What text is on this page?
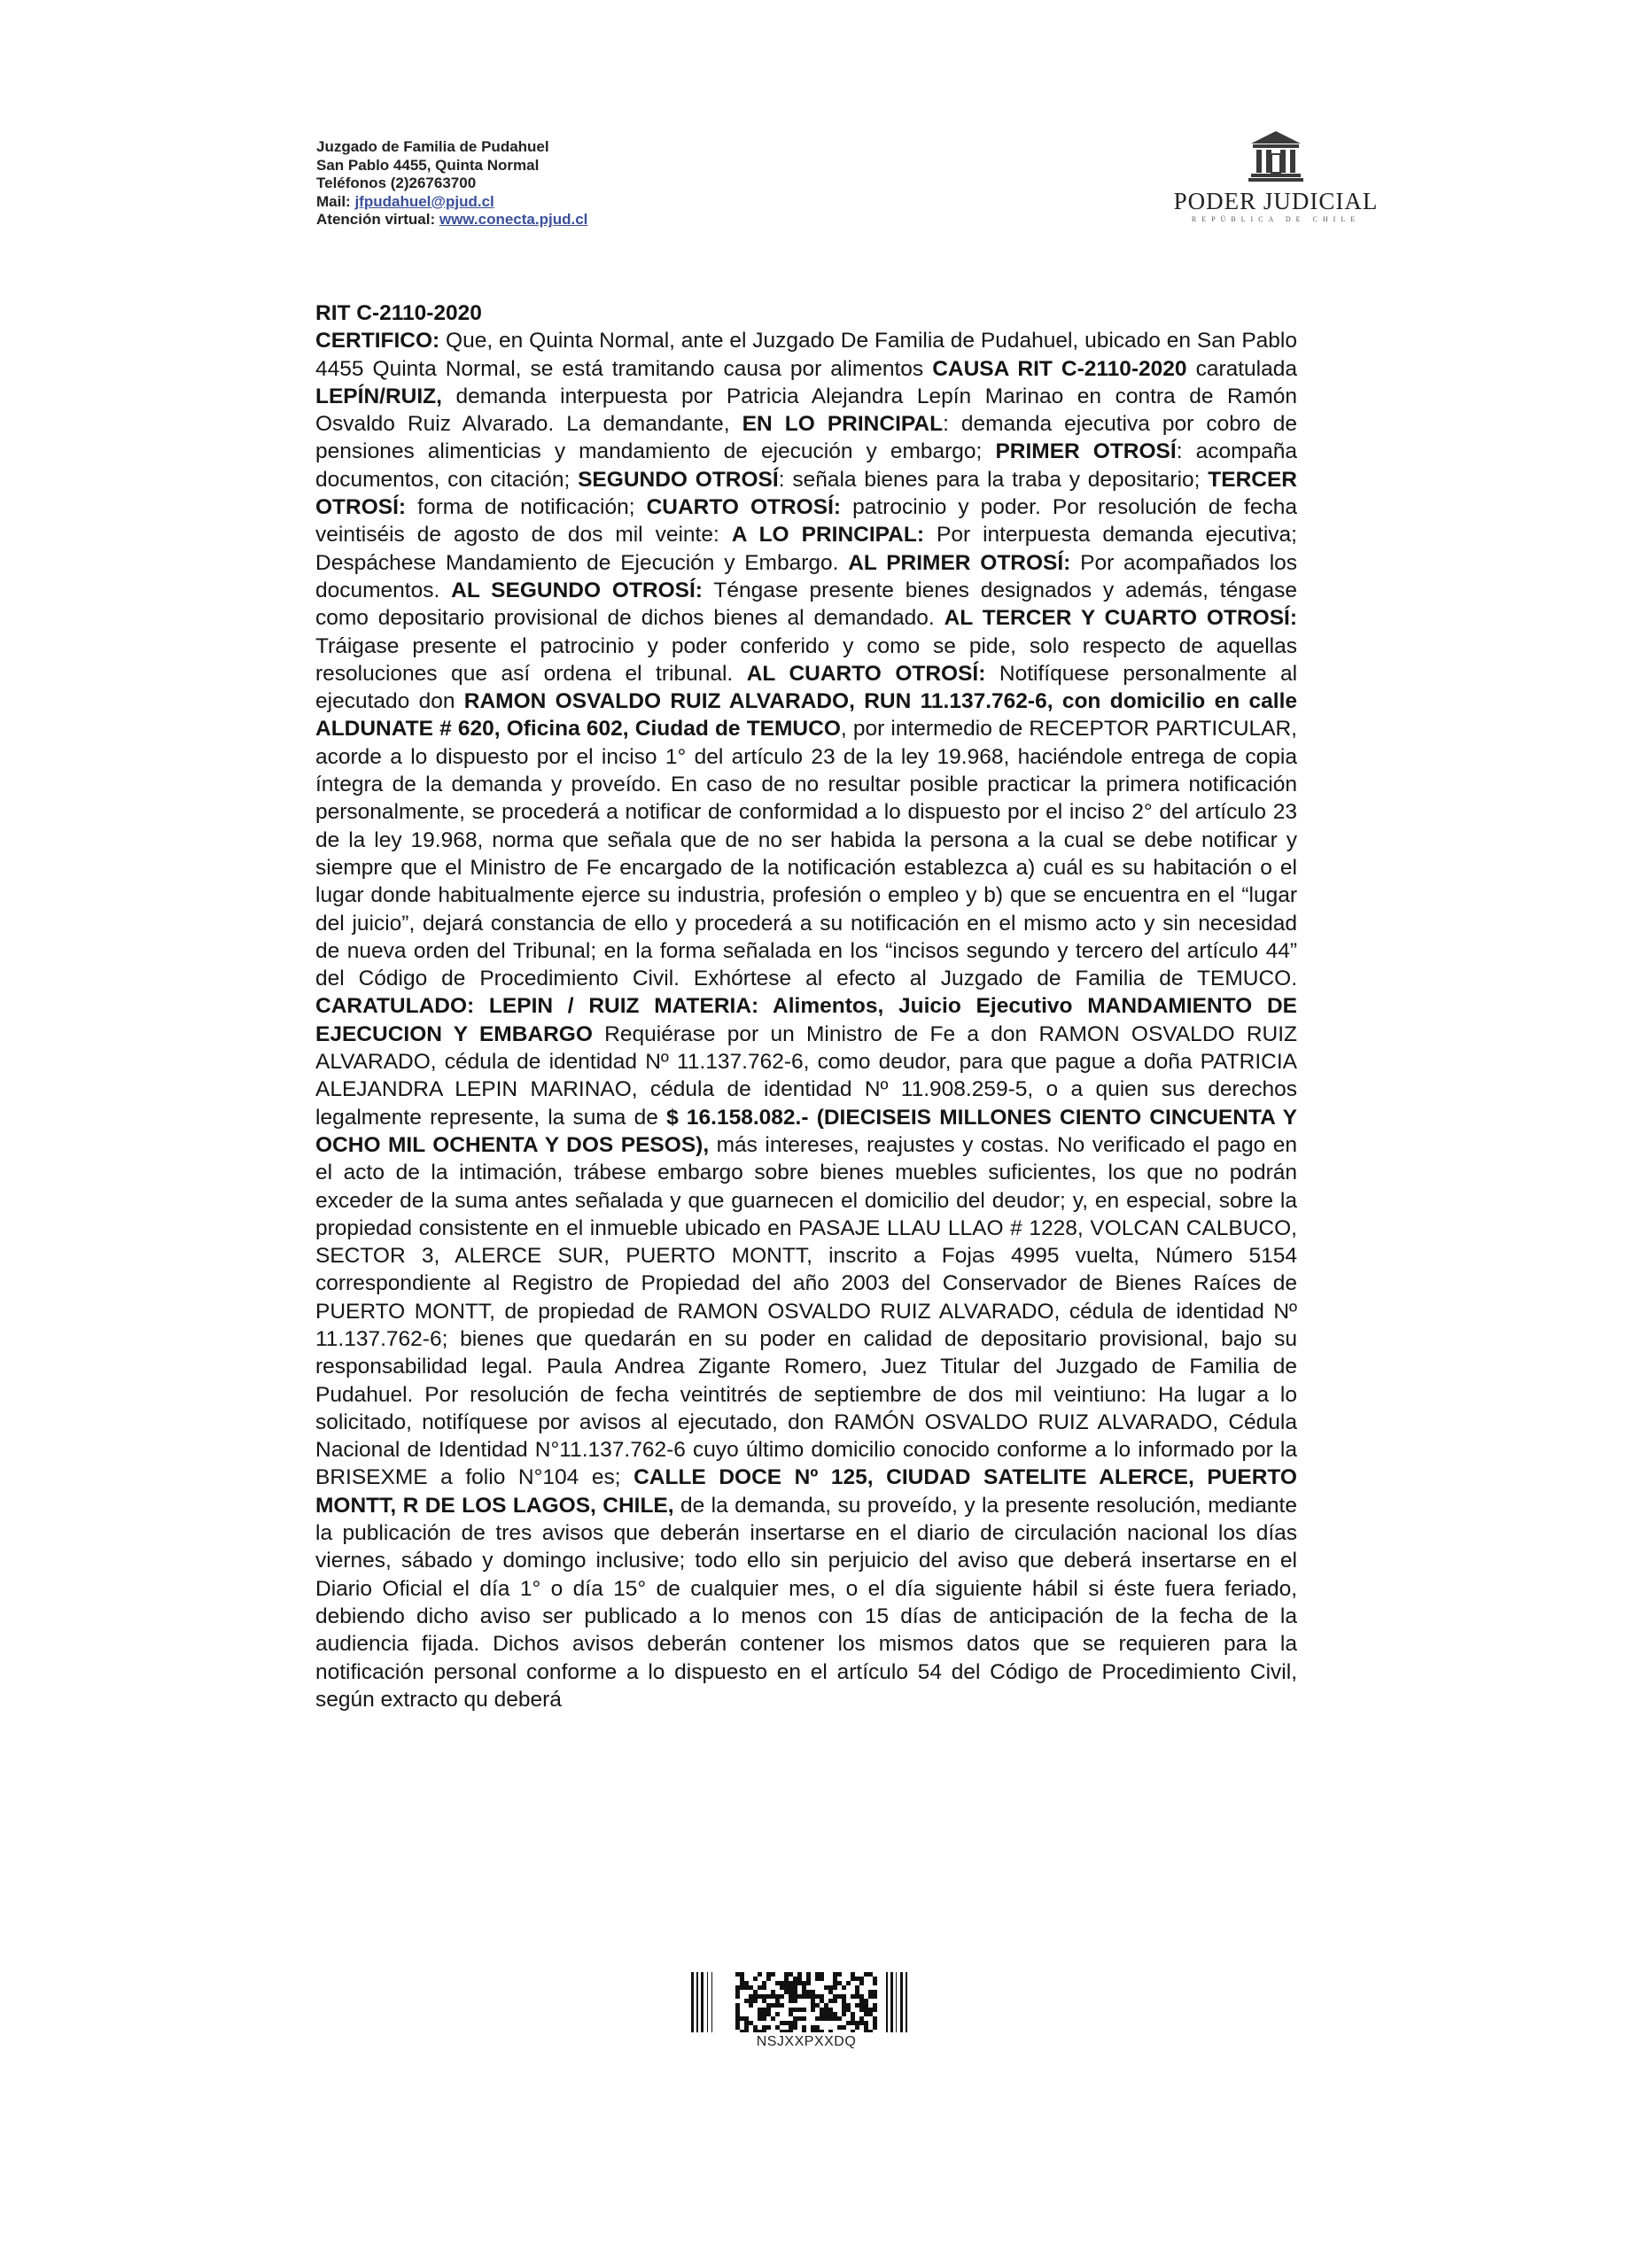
Juzgado de Familia de Pudahuel
San Pablo 4455, Quinta Normal
Teléfonos (2)26763700
Mail: jfpudahuel@pjud.cl
Atención virtual: www.conecta.pjud.cl
PODER JUDICIAL
REPÚBLICA DE CHILE
RIT C-2110-2020

CERTIFICO: Que, en Quinta Normal, ante el Juzgado De Familia de Pudahuel, ubicado en San Pablo 4455 Quinta Normal, se está tramitando causa por alimentos CAUSA RIT C-2110-2020 caratulada LEPÍN/RUIZ, demanda interpuesta por Patricia Alejandra Lepín Marinao en contra de Ramón Osvaldo Ruiz Alvarado. La demandante, EN LO PRINCIPAL: demanda ejecutiva por cobro de pensiones alimenticias y mandamiento de ejecución y embargo; PRIMER OTROSÍ: acompaña documentos, con citación; SEGUNDO OTROSÍ: señala bienes para la traba y depositario; TERCER OTROSÍ: forma de notificación; CUARTO OTROSÍ: patrocinio y poder. Por resolución de fecha veintiséis de agosto de dos mil veinte: A LO PRINCIPAL: Por interpuesta demanda ejecutiva; Despáchese Mandamiento de Ejecución y Embargo. AL PRIMER OTROSÍ: Por acompañados los documentos. AL SEGUNDO OTROSÍ: Téngase presente bienes designados y además, téngase como depositario provisional de dichos bienes al demandado. AL TERCER Y CUARTO OTROSÍ: Tráigase presente el patrocinio y poder conferido y como se pide, solo respecto de aquellas resoluciones que así ordena el tribunal. AL CUARTO OTROSÍ: Notifíquese personalmente al ejecutado don RAMON OSVALDO RUIZ ALVARADO, RUN 11.137.762-6, con domicilio en calle ALDUNATE # 620, Oficina 602, Ciudad de TEMUCO, por intermedio de RECEPTOR PARTICULAR, acorde a lo dispuesto por el inciso 1° del artículo 23 de la ley 19.968, haciéndole entrega de copia íntegra de la demanda y proveído. En caso de no resultar posible practicar la primera notificación personalmente, se procederá a notificar de conformidad a lo dispuesto por el inciso 2° del artículo 23 de la ley 19.968, norma que señala que de no ser habida la persona a la cual se debe notificar y siempre que el Ministro de Fe encargado de la notificación establezca a) cuál es su habitación o el lugar donde habitualmente ejerce su industria, profesión o empleo y b) que se encuentra en el “lugar del juicio”, dejará constancia de ello y procederá a su notificación en el mismo acto y sin necesidad de nueva orden del Tribunal; en la forma señalada en los “incisos segundo y tercero del artículo 44” del Código de Procedimiento Civil. Exhórtese al efecto al Juzgado de Familia de TEMUCO. CARATULADO: LEPIN / RUIZ MATERIA: Alimentos, Juicio Ejecutivo MANDAMIENTO DE EJECUCION Y EMBARGO Requiérase por un Ministro de Fe a don RAMON OSVALDO RUIZ ALVARADO, cédula de identidad Nº 11.137.762-6, como deudor, para que pague a doña PATRICIA ALEJANDRA LEPIN MARINAO, cédula de identidad Nº 11.908.259-5, o a quien sus derechos legalmente represente, la suma de $ 16.158.082.- (DIECISEIS MILLONES CIENTO CINCUENTA Y OCHO MIL OCHENTA Y DOS PESOS), más intereses, reajustes y costas. No verificado el pago en el acto de la intimación, trábese embargo sobre bienes muebles suficientes, los que no podrán exceder de la suma antes señalada y que guarnecen el domicilio del deudor; y, en especial, sobre la propiedad consistente en el inmueble ubicado en PASAJE LLAU LLAO # 1228, VOLCAN CALBUCO, SECTOR 3, ALERCE SUR, PUERTO MONTT, inscrito a Fojas 4995 vuelta, Número 5154 correspondiente al Registro de Propiedad del año 2003 del Conservador de Bienes Raíces de PUERTO MONTT, de propiedad de RAMON OSVALDO RUIZ ALVARADO, cédula de identidad Nº 11.137.762-6; bienes que quedarán en su poder en calidad de depositario provisional, bajo su responsabilidad legal. Paula Andrea Zigante Romero, Juez Titular del Juzgado de Familia de Pudahuel. Por resolución de fecha veintitrés de septiembre de dos mil veintiuno: Ha lugar a lo solicitado, notifíquese por avisos al ejecutado, don RAMÓN OSVALDO RUIZ ALVARADO, Cédula Nacional de Identidad N°11.137.762-6 cuyo último domicilio conocido conforme a lo informado por la BRISEXME a folio N°104 es; CALLE DOCE Nº 125, CIUDAD SATELITE ALERCE, PUERTO MONTT, R DE LOS LAGOS, CHILE, de la demanda, su proveído, y la presente resolución, mediante la publicación de tres avisos que deberán insertarse en el diario de circulación nacional los días viernes, sábado y domingo inclusive; todo ello sin perjuicio del aviso que deberá insertarse en el Diario Oficial el día 1° o día 15° de cualquier mes, o el día siguiente hábil si éste fuera feriado, debiendo dicho aviso ser publicado a lo menos con 15 días de anticipación de la fecha de la audiencia fijada. Dichos avisos deberán contener los mismos datos que se requieren para la notificación personal conforme a lo dispuesto en el artículo 54 del Código de Procedimiento Civil, según extracto qu deberá

NSJXXPXXDQ
